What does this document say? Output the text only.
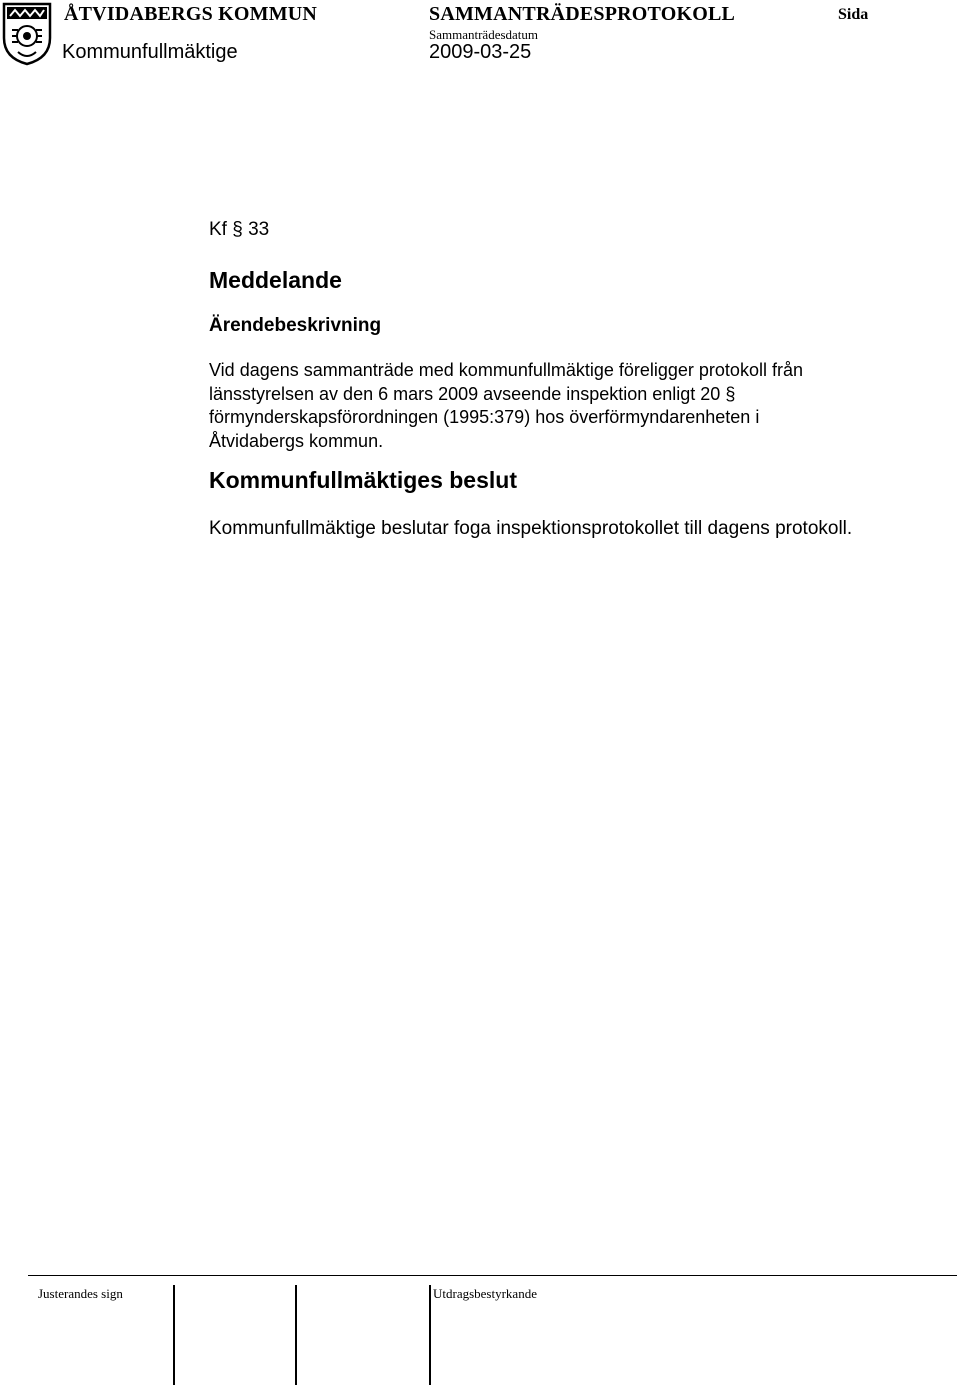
ÅTVIDABERGS KOMMUN	SAMMANTRÄDESPROTOKOLL	Sida
Sammanträdesdatum
Kommunfullmäktige	2009-03-25

Kf § 33

Meddelande
Ärendebeskrivning

Vid dagens sammanträde med kommunfullmäktige föreligger protokoll från länsstyrelsen av den 6 mars 2009 avseende inspektion enligt 20 § förmynderskapsförordningen (1995:379) hos överförmyndarenheten i Åtvidabergs kommun.

Kommunfullmäktiges beslut

Kommunfullmäktige beslutar foga inspektionsprotokollet till dagens protokoll.

Justerandes sign	Utdragsbestyrkande
